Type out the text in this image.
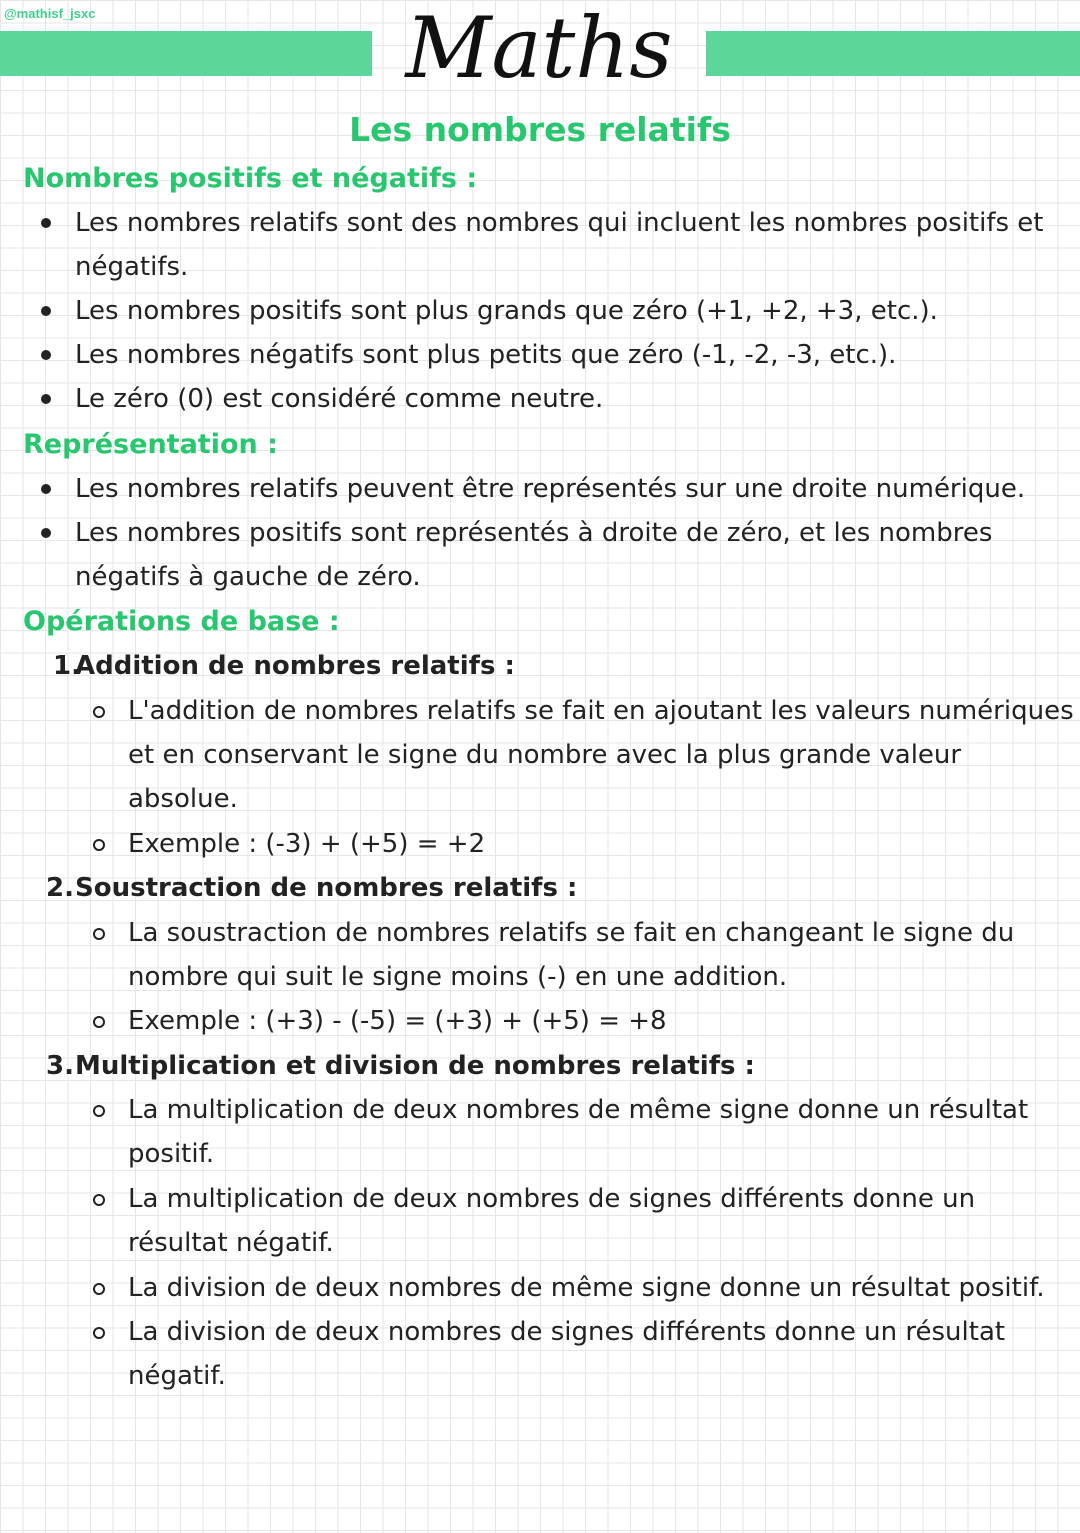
@mathisf_jsxc	Maths
Les nombres relatifs
Nombres positifs et négatifs :
Les nombres relatifs sont des nombres qui incluent les nombres positifs et
négatifs.
Les nombres positifs sont plus grands que zéro (+1, +2, +3, etc.).
Les nombres négatifs sont plus petits que zéro (-1, -2, -3, etc.).
Le zéro (0) est considéré comme neutre.
Représentation :
Les nombres relatifs peuvent être représentés sur une droite numérique.
Les nombres positifs sont représentés à droite de zéro, et les nombres
négatifs à gauche de zéro.
Opérations de base :
1.
Addition de nombres relatifs :
L'addition de nombres relatifs se fait en ajoutant les valeurs numériques
et en conservant le signe du nombre avec la plus grande valeur
absolue.
Exemple : (-3) + (+5) = +2
2. Soustraction de nombres relatifs :
La soustraction de nombres relatifs se fait en changeant le signe du
nombre qui suit le signe moins (-) en une addition.
Exemple : (+3) - (-5) = (+3) + (+5) = +8
3. Multiplication et division de nombres relatifs :
La multiplication de deux nombres de même signe donne un résultat
positif.
La multiplication de deux nombres de signes différents donne un
résultat négatif.
La division de deux nombres de même signe donne un résultat positif.
La division de deux nombres de signes différents donne un résultat
négatif.
